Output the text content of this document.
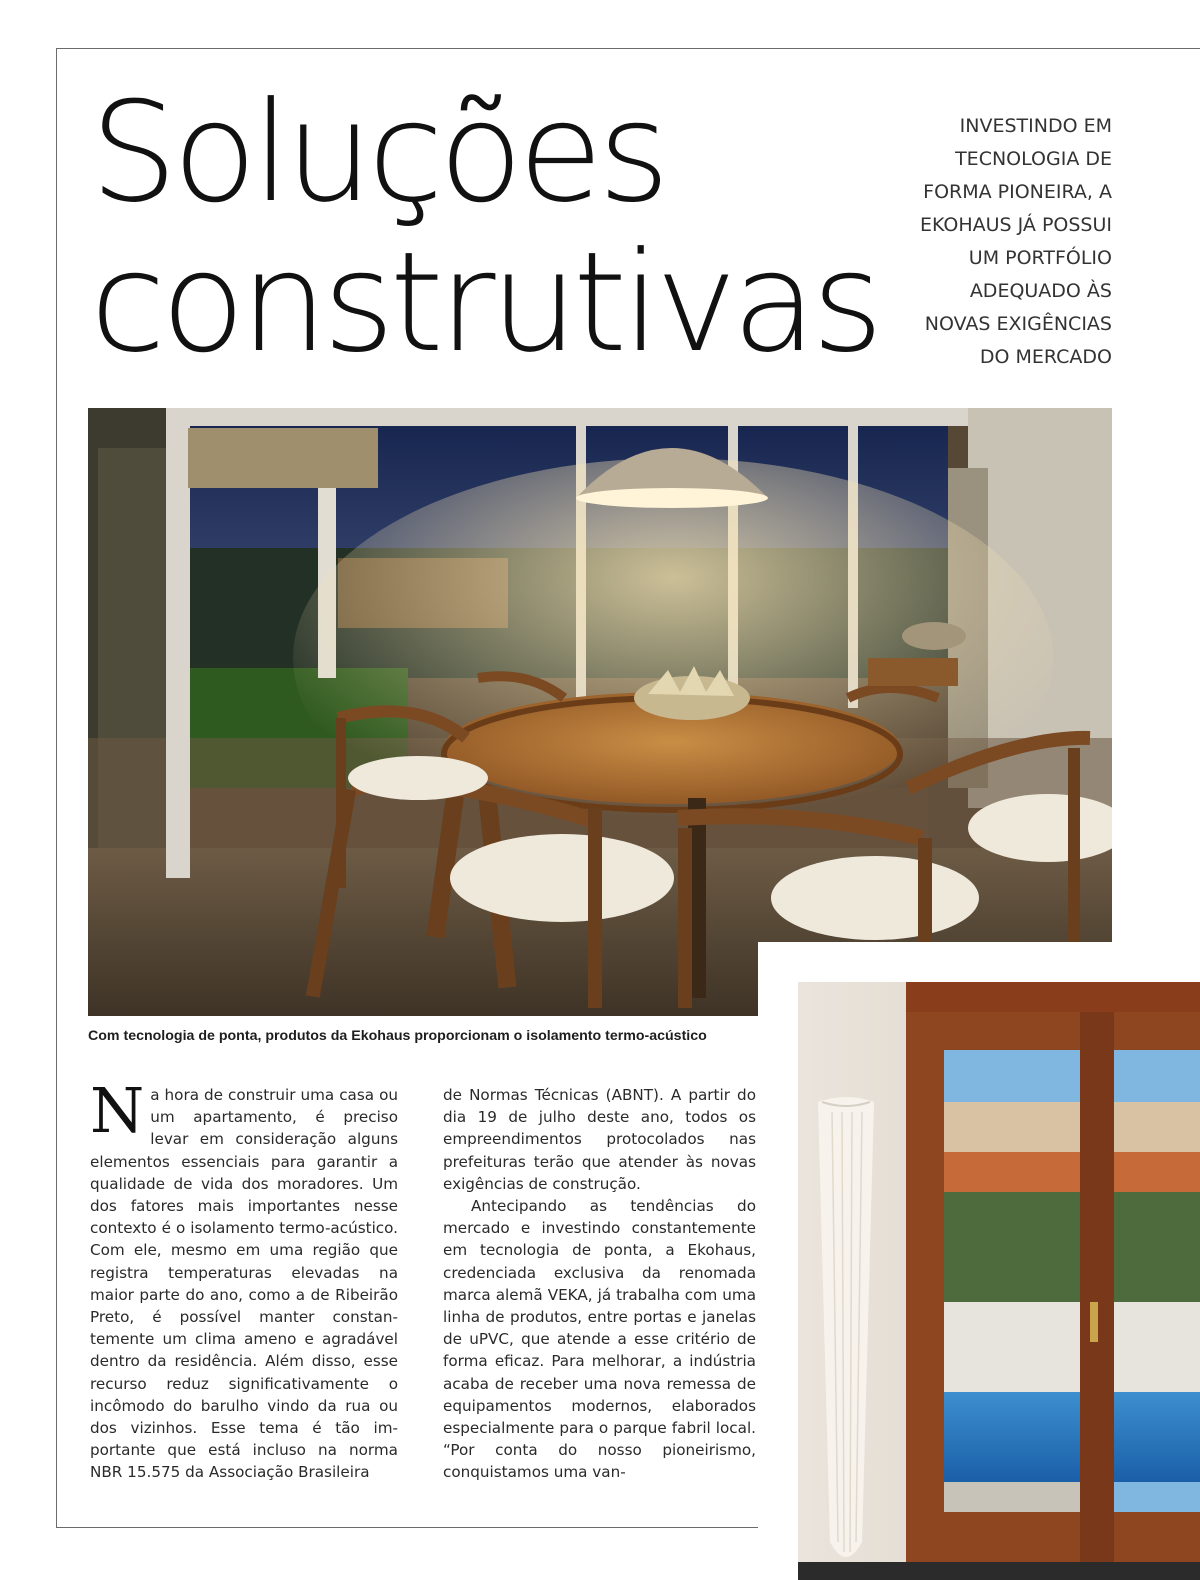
Soluções
construtivas
INVESTINDO EM
TECNOLOGIA DE
FORMA PIONEIRA, A
EKOHAUS JÁ POSSUI
UM PORTFÓLIO
ADEQUADO ÀS
NOVAS EXIGÊNCIAS
DO MERCADO

Com tecnologia de ponta, produtos da Ekohaus proporcionam o isolamento termo-acústico

N a hora de construir uma casa ou um apartamento, é preciso levar em consideração alguns elementos essenciais para garantir a qualidade de vida dos moradores. Um dos fatores mais importantes nesse contexto é o isolamento termo-acústico. Com ele, mesmo em uma região que registra temperaturas elevadas na maior parte do ano, como a de Ribeirão Preto, é possível manter constantemente um clima ameno e agradável dentro da residência. Além disso, esse recurso reduz significativamente o incômodo do barulho vindo da rua ou dos vizinhos. Esse tema é tão importante que está incluso na norma NBR 15.575 da Associação Brasileira

de Normas Técnicas (ABNT). A partir do dia 19 de julho deste ano, todos os empreendimentos protocolados nas prefeituras terão que atender às novas exigências de construção.

Antecipando as tendências do mercado e investindo constantemente em tecnologia de ponta, a Ekohaus, credenciada exclusiva da renomada marca alemã VEKA, já trabalha com uma linha de produtos, entre portas e janelas de uPVC, que atende a esse critério de forma eficaz. Para melhorar, a indústria acaba de receber uma nova remessa de equipamentos modernos, elaborados especialmente para o parque fabril local. “Por conta do nosso pioneirismo, conquistamos uma van-
